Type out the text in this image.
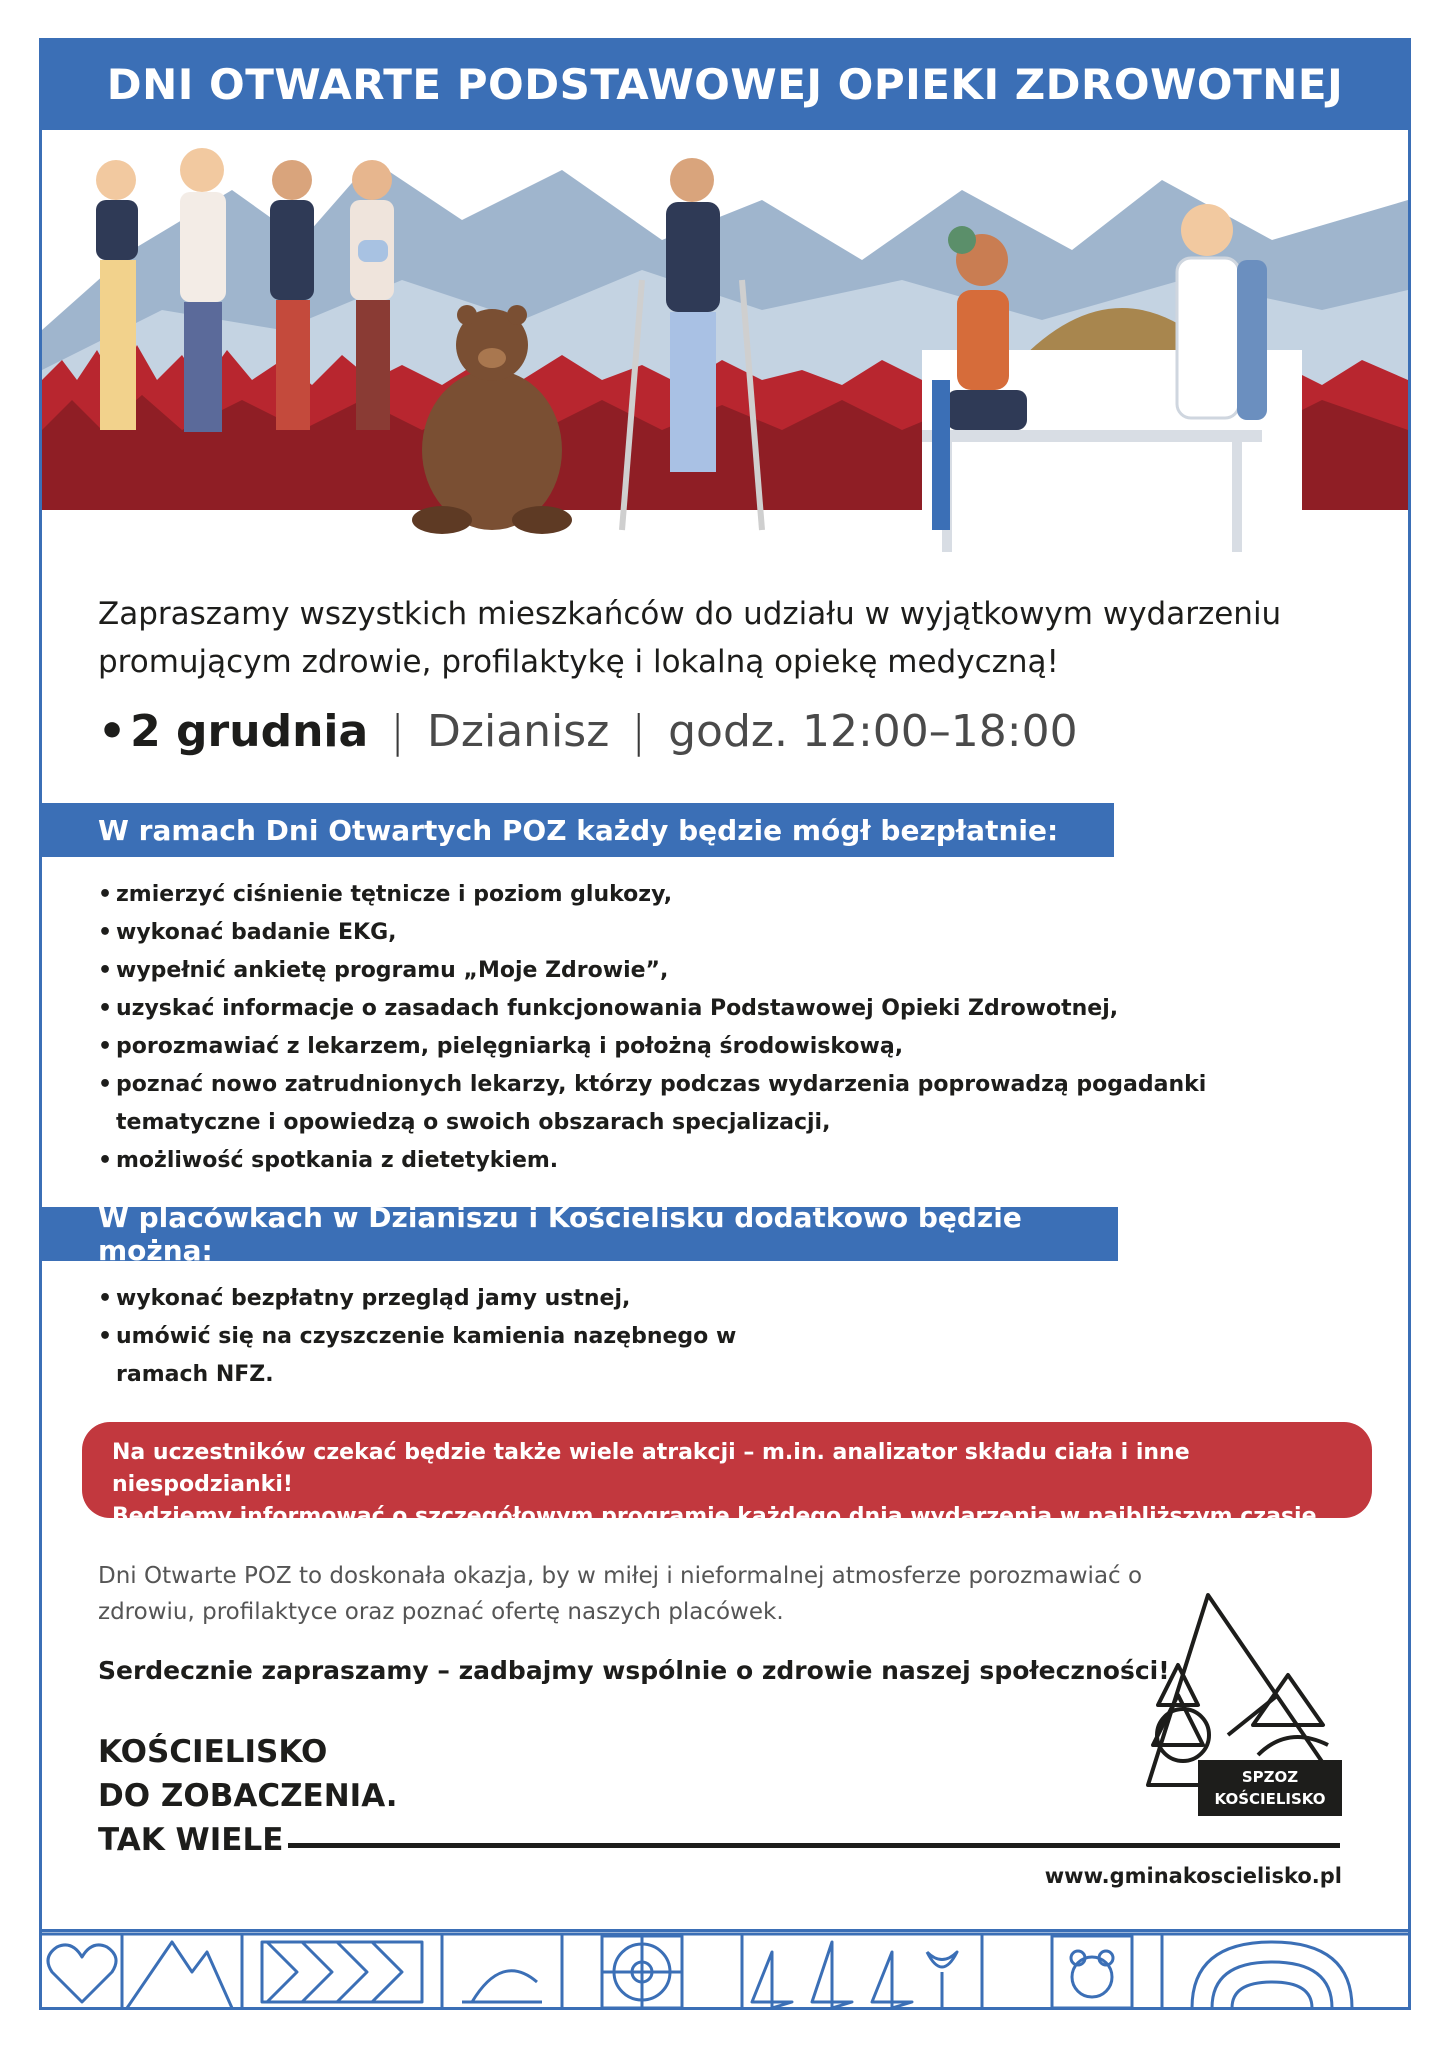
DNI OTWARTE PODSTAWOWEJ OPIEKI ZDROWOTNEJ

Zapraszamy wszystkich mieszkańców do udziału w wyjątkowym wydarzeniu promującym zdrowie, profilaktykę i lokalną opiekę medyczną!

• 2 grudnia | Dzianisz | godz. 12:00–18:00
W ramach Dni Otwartych POZ każdy będzie mógł bezpłatnie:
• zmierzyć ciśnienie tętnicze i poziom glukozy,
• wykonać badanie EKG,
• wypełnić ankietę programu „Moje Zdrowie”,
• uzyskać informacje o zasadach funkcjonowania Podstawowej Opieki Zdrowotnej,
• porozmawiać z lekarzem, pielęgniarką i położną środowiskową,
• poznać nowo zatrudnionych lekarzy, którzy podczas wydarzenia poprowadzą pogadanki tematyczne i opowiedzą o swoich obszarach specjalizacji,
• możliwość spotkania z dietetykiem.
W placówkach w Dzianiszu i Kościelisku dodatkowo będzie można:
• wykonać bezpłatny przegląd jamy ustnej,
• umówić się na czyszczenie kamienia nazębnego w ramach NFZ.
Na uczestników czekać będzie także wiele atrakcji – m.in. analizator składu ciała i inne niespodzianki!
Będziemy informować o szczegółowym programie każdego dnia wydarzenia w najbliższym czasie.

Dni Otwarte POZ to doskonała okazja, by w miłej i nieformalnej atmosferze porozmawiać o zdrowiu, profilaktyce oraz poznać ofertę naszych placówek.

Serdecznie zapraszamy – zadbajmy wspólnie o zdrowie naszej społeczności!

KOŚCIELISKO
DO ZOBACZENIA.
TAK WIELE
SPZOZ
KOŚCIELISKO
www.gminakoscielisko.pl
